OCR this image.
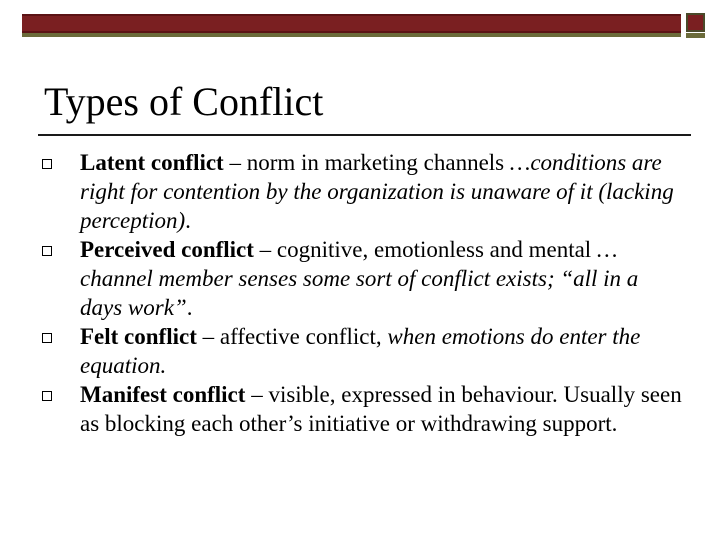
Types of Conflict
Latent conflict – norm in marketing channels …conditions are right for contention by the organization is unaware of it (lacking perception).
Perceived conflict – cognitive, emotionless and mental …channel member senses some sort of conflict exists; “all in a days work”.
Felt conflict – affective conflict, when emotions do enter the equation.
Manifest conflict – visible, expressed in behaviour. Usually seen as blocking each other’s initiative or withdrawing support.
